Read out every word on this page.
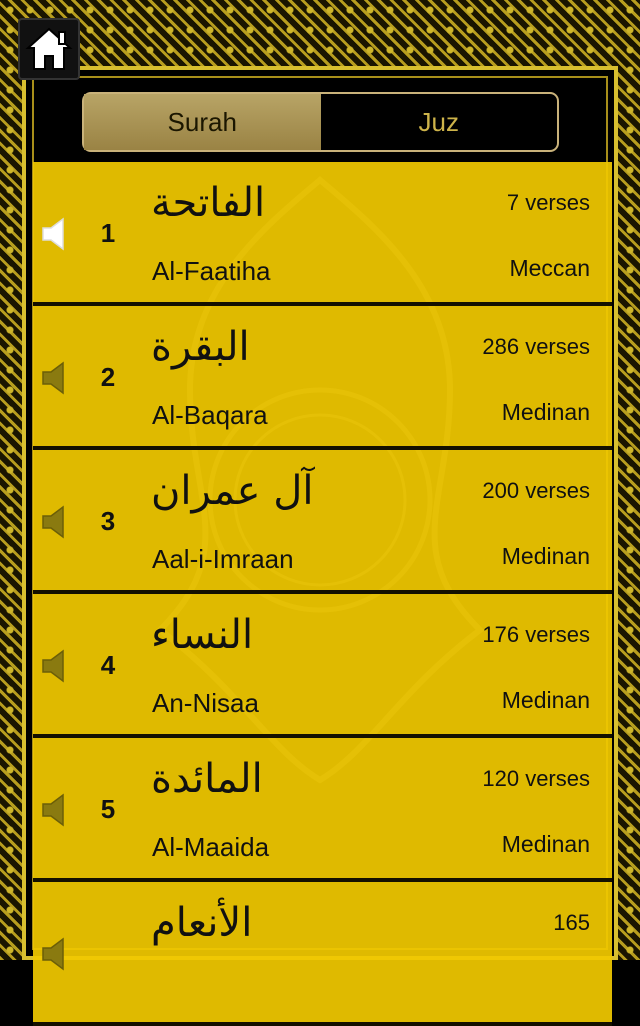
Surah	Juz
1
الفاتحة
Al-Faatiha
7 verses
Meccan
2
البقرة
Al-Baqara
286 verses
Medinan
3
آل عمران
Aal-i-Imraan
200 verses
Medinan
4
النساء
An-Nisaa
176 verses
Medinan
5
المائدة
Al-Maaida
120 verses
Medinan
الأنعام	165
